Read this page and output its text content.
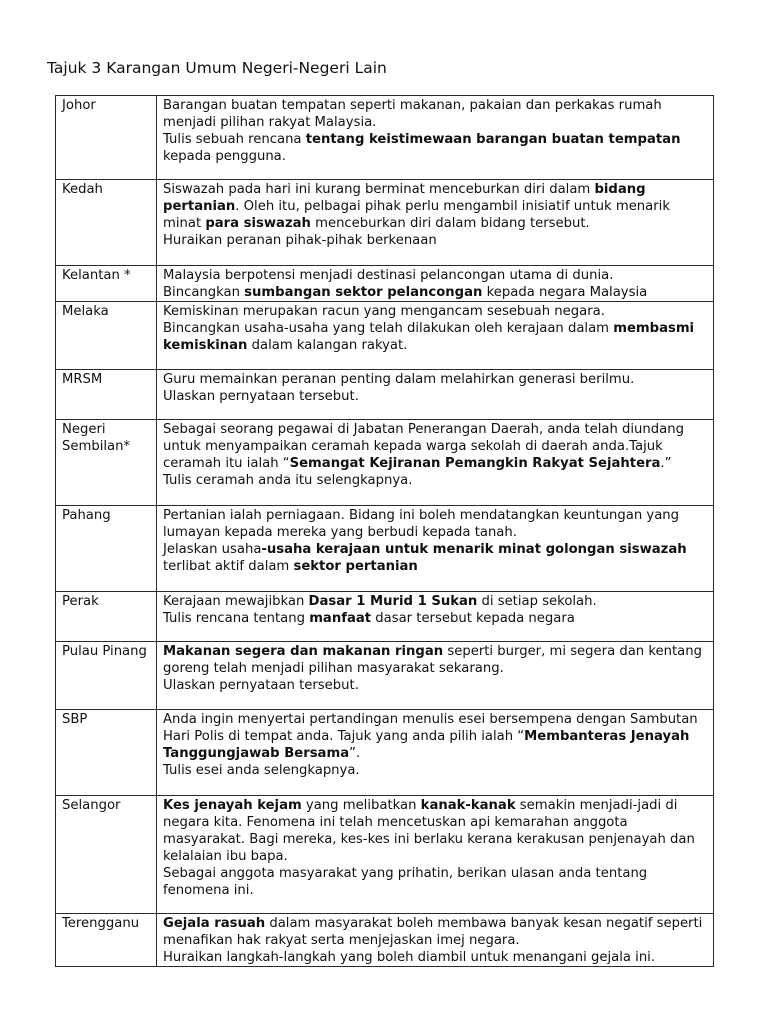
Tajuk 3 Karangan Umum Negeri-Negeri Lain
Johor	Barangan buatan tempatan seperti makanan, pakaian dan perkakas rumah menjadi pilihan rakyat Malaysia.
Tulis sebuah rencana tentang keistimewaan barangan buatan tempatan kepada pengguna.

Kedah	Siswazah pada hari ini kurang berminat menceburkan diri dalam bidang pertanian. Oleh itu, pelbagai pihak perlu mengambil inisiatif untuk menarik minat para siswazah menceburkan diri dalam bidang tersebut.
Huraikan peranan pihak-pihak berkenaan

Kelantan *	Malaysia berpotensi menjadi destinasi pelancongan utama di dunia.
Bincangkan sumbangan sektor pelancongan kepada negara Malaysia

Melaka	Kemiskinan merupakan racun yang mengancam sesebuah negara.
Bincangkan usaha-usaha yang telah dilakukan oleh kerajaan dalam membasmi kemiskinan dalam kalangan rakyat.

MRSM	Guru memainkan peranan penting dalam melahirkan generasi berilmu.
Ulaskan pernyataan tersebut.

Negeri Sembilan*	Sebagai seorang pegawai di Jabatan Penerangan Daerah, anda telah diundang untuk menyampaikan ceramah kepada warga sekolah di daerah anda.Tajuk ceramah itu ialah “Semangat Kejiranan Pemangkin Rakyat Sejahtera.”
Tulis ceramah anda itu selengkapnya.

Pahang	Pertanian ialah perniagaan. Bidang ini boleh mendatangkan keuntungan yang lumayan kepada mereka yang berbudi kepada tanah.
Jelaskan usaha-usaha kerajaan untuk menarik minat golongan siswazah terlibat aktif dalam sektor pertanian

Perak	Kerajaan mewajibkan Dasar 1 Murid 1 Sukan di setiap sekolah.
Tulis rencana tentang manfaat dasar tersebut kepada negara

Pulau Pinang	Makanan segera dan makanan ringan seperti burger, mi segera dan kentang goreng telah menjadi pilihan masyarakat sekarang.
Ulaskan pernyataan tersebut.

SBP	Anda ingin menyertai pertandingan menulis esei bersempena dengan Sambutan Hari Polis di tempat anda. Tajuk yang anda pilih ialah “Membanteras Jenayah Tanggungjawab Bersama”.
Tulis esei anda selengkapnya.

Selangor	Kes jenayah kejam yang melibatkan kanak-kanak semakin menjadi-jadi di negara kita. Fenomena ini telah mencetuskan api kemarahan anggota masyarakat. Bagi mereka, kes-kes ini berlaku kerana kerakusan penjenayah dan kelalaian ibu bapa.
Sebagai anggota masyarakat yang prihatin, berikan ulasan anda tentang fenomena ini.

Terengganu	Gejala rasuah dalam masyarakat boleh membawa banyak kesan negatif seperti menafikan hak rakyat serta menjejaskan imej negara.
Huraikan langkah-langkah yang boleh diambil untuk menangani gejala ini.
